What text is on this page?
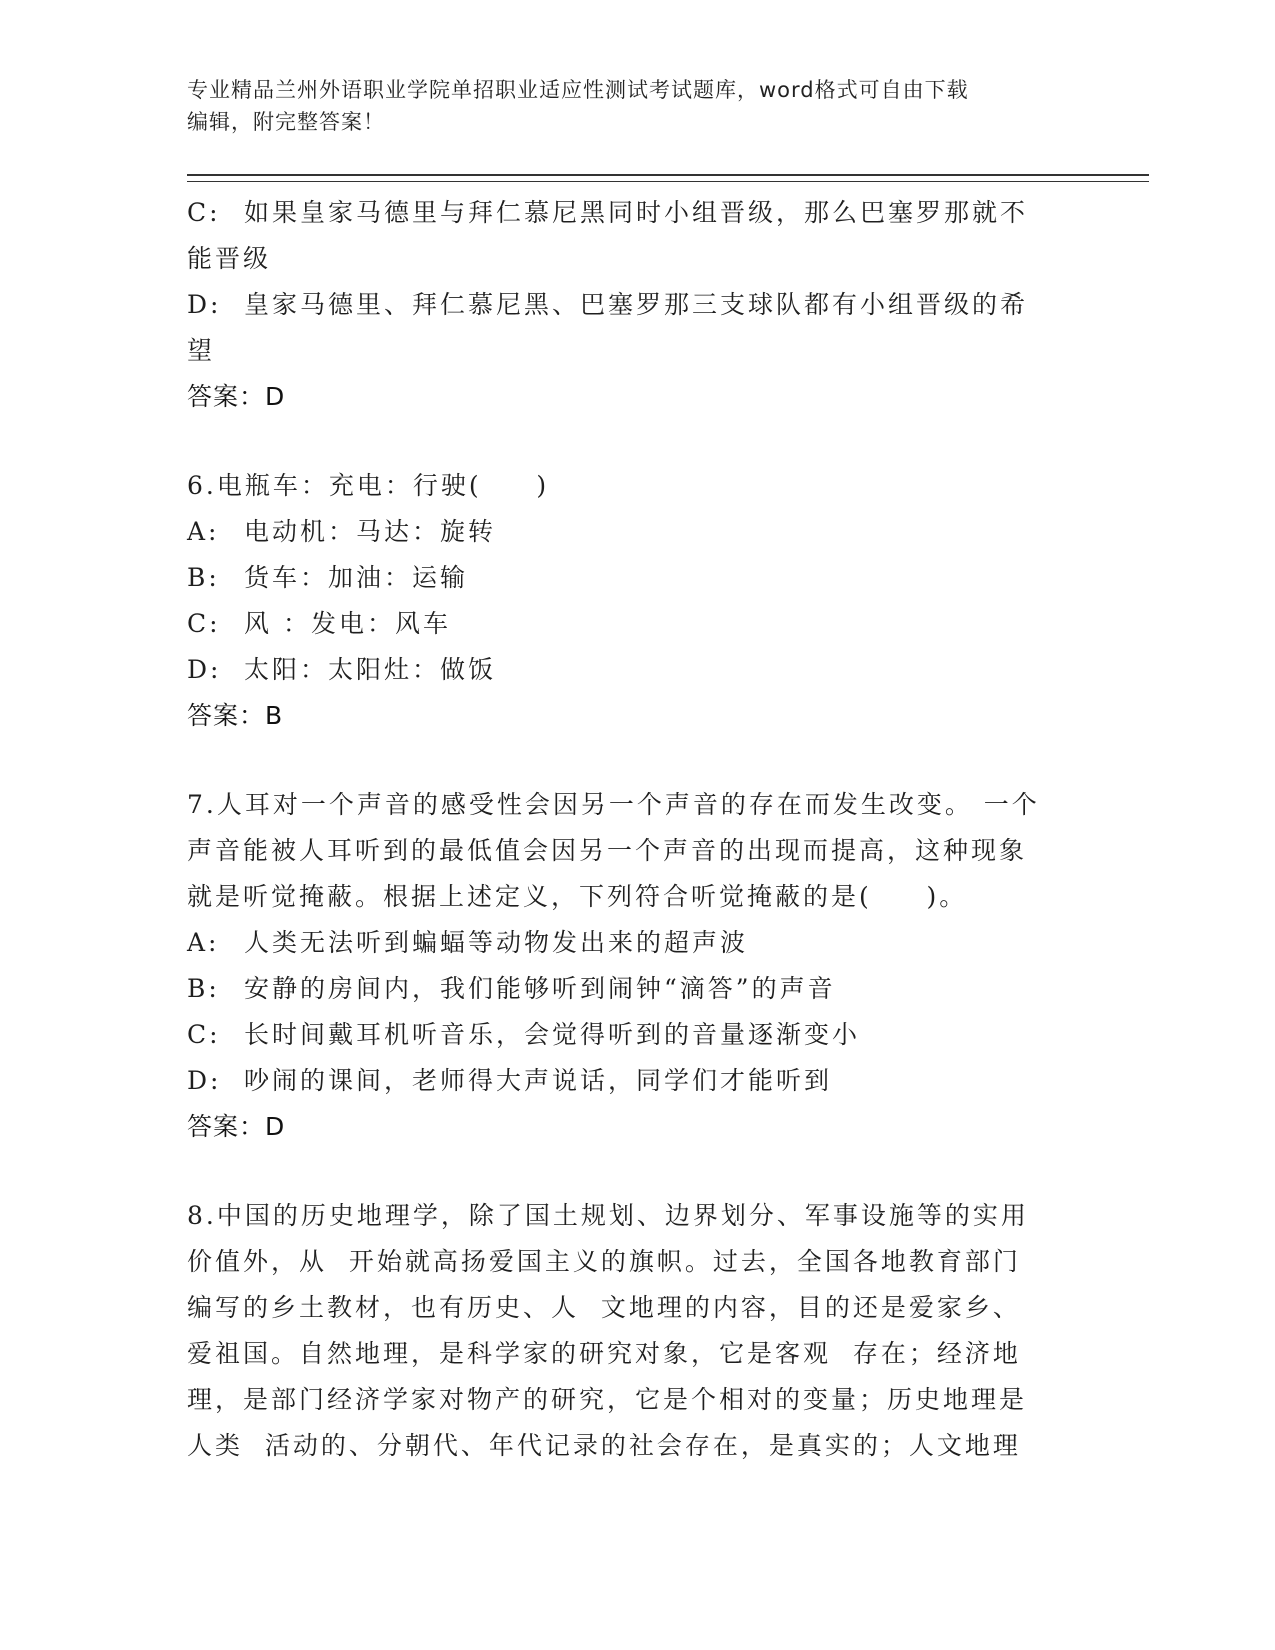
专业精品兰州外语职业学院单招职业适应性测试考试题库，word格式可自由下载
编辑，附完整答案！
C: 如果皇家马德里与拜仁慕尼黑同时小组晋级，那么巴塞罗那就不
能晋级
D: 皇家马德里、拜仁慕尼黑、巴塞罗那三支球队都有小组晋级的希
望
答案：D
6.电瓶车：充电：行驶(     )
A: 电动机：马达：旋转
B: 货车：加油：运输
C: 风 ：发电：风车
D: 太阳：太阳灶：做饭
答案：B
7.人耳对一个声音的感受性会因另一个声音的存在而发生改变。 一个
声音能被人耳听到的最低值会因另一个声音的出现而提高，这种现象
就是听觉掩蔽。根据上述定义，下列符合听觉掩蔽的是(     )。
A: 人类无法听到蝙蝠等动物发出来的超声波
B: 安静的房间内，我们能够听到闹钟“滴答”的声音
C: 长时间戴耳机听音乐，会觉得听到的音量逐渐变小
D: 吵闹的课间，老师得大声说话，同学们才能听到
答案：D
8.中国的历史地理学，除了国土规划、边界划分、军事设施等的实用
价值外，从  开始就高扬爱国主义的旗帜。过去，全国各地教育部门
编写的乡土教材，也有历史、人  文地理的内容，目的还是爱家乡、
爱祖国。自然地理，是科学家的研究对象，它是客观  存在；经济地
理，是部门经济学家对物产的研究，它是个相对的变量；历史地理是
人类  活动的、分朝代、年代记录的社会存在，是真实的；人文地理
